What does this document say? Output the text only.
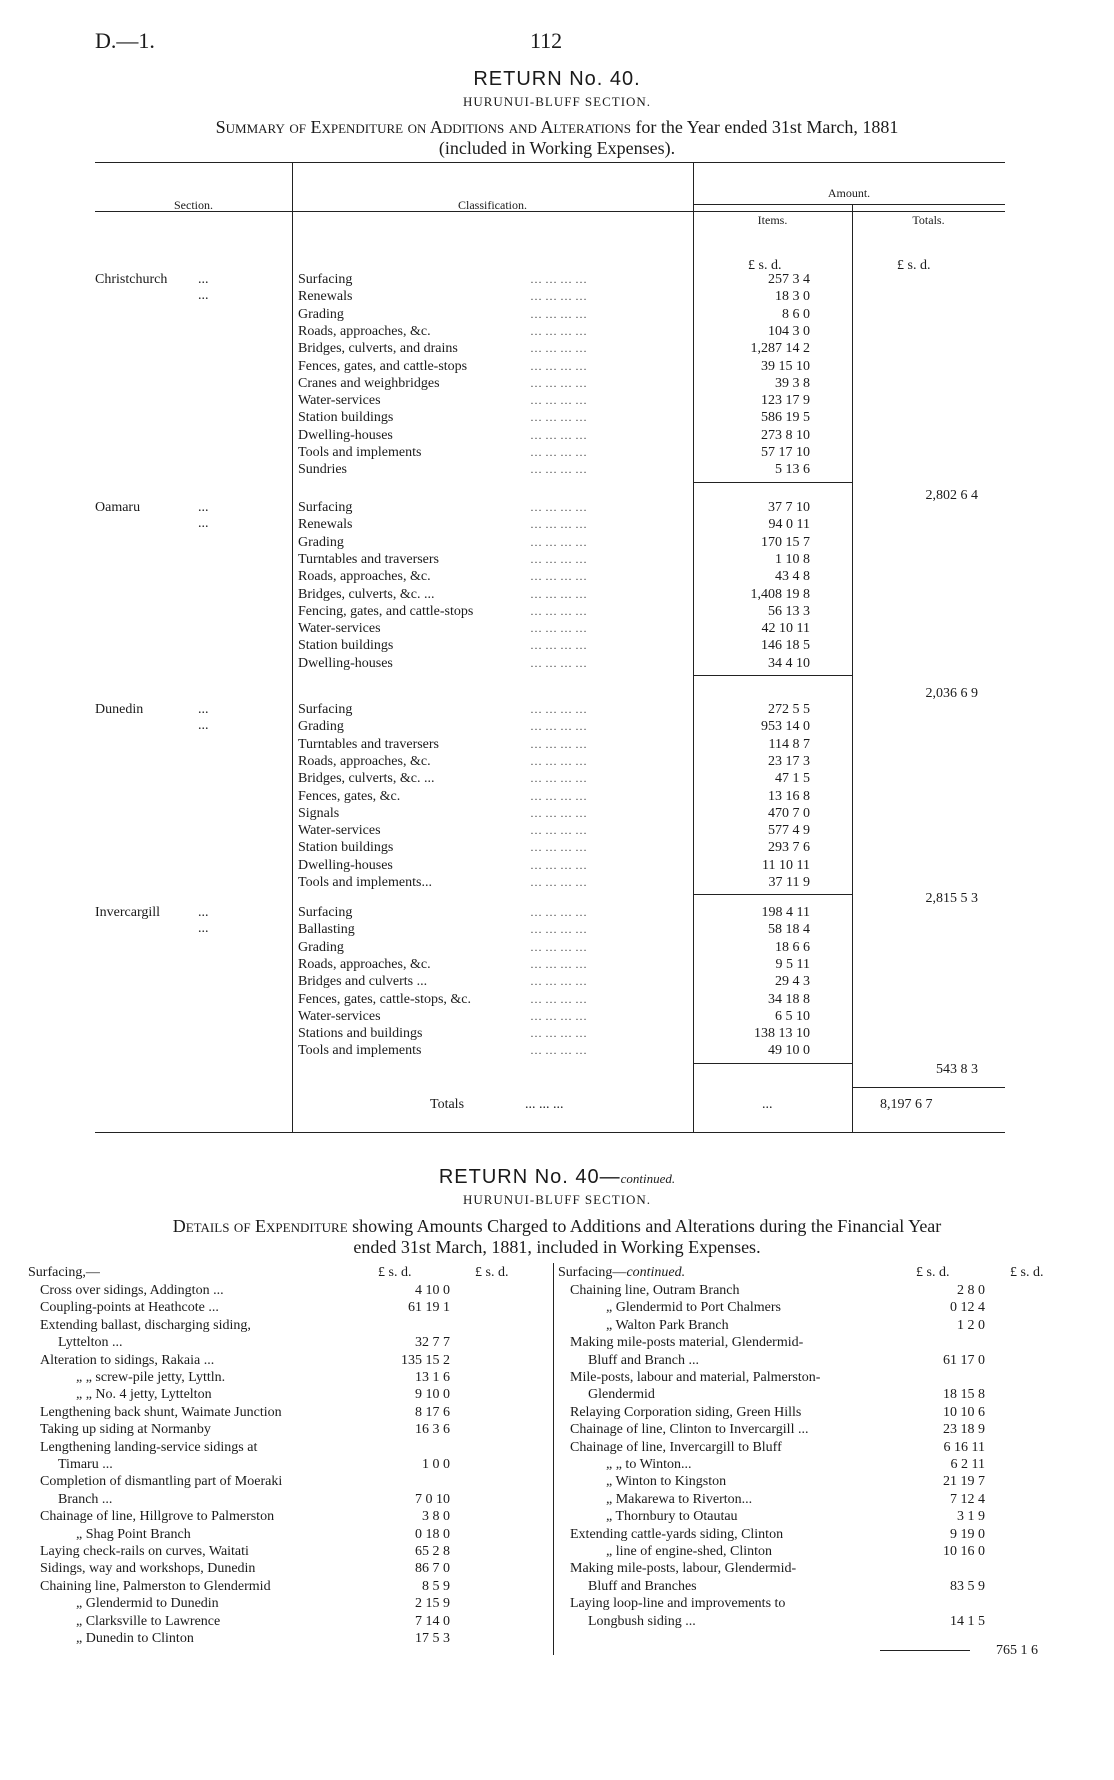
D.—1.	112
RETURN No. 40.
HURUNUI-BLUFF SECTION.
Summary of Expenditure on Additions and Alterations for the Year ended 31st March, 1881
(included in Working Expenses).
Section.	Classification.
Amount.
Items.	Totals.
£ s. d.	£ s. d.
Christchurch ... ...
Surfacing	… … … …	257 3 4
Renewals	… … … …	18 3 0
Grading	… … … …	8 6 0
Roads, approaches, &c.	… … … …	104 3 0
Bridges, culverts, and drains	… … … …	1,287 14 2
Fences, gates, and cattle-stops	… … … …	39 15 10
Cranes and weighbridges	… … … …	39 3 8
Water-services	… … … …	123 17 9
Station buildings	… … … …	586 19 5
Dwelling-houses	… … … …	273 8 10
Tools and implements	… … … …	57 17 10
Sundries	… … … …	5 13 6
2,802 6 4
Oamaru	... ...
Surfacing	… … … …	37 7 10
Renewals	… … … …	94 0 11
Grading	… … … …	170 15 7
Turntables and traversers	… … … …	1 10 8
Roads, approaches, &c.	… … … …	43 4 8
Bridges, culverts, &c. ...	… … … …	1,408 19 8
Fencing, gates, and cattle-stops	… … … …	56 13 3
Water-services	… … … …	42 10 11
Station buildings	… … … …	146 18 5
Dwelling-houses	… … … …	34 4 10
2,036 6 9
Dunedin	... ...
Surfacing	… … … …	272 5 5
Grading	… … … …	953 14 0
Turntables and traversers	… … … …	114 8 7
Roads, approaches, &c.	… … … …	23 17 3
Bridges, culverts, &c. ...	… … … …	47 1 5
Fences, gates, &c.	… … … …	13 16 8
Signals	… … … …	470 7 0
Water-services	… … … …	577 4 9
Station buildings	… … … …	293 7 6
Dwelling-houses	… … … …	11 10 11
Tools and implements...	… … … …	37 11 9
2,815 5 3
Invercargill	... ...
Surfacing	… … … …	198 4 11
Ballasting	… … … …	58 18 4
Grading	… … … …	18 6 6
Roads, approaches, &c.	… … … …	9 5 11
Bridges and culverts ...	… … … …	29 4 3
Fences, gates, cattle-stops, &c.	… … … …	34 18 8
Water-services	… … … …	6 5 10
Stations and buildings	… … … …	138 13 10
Tools and implements	… … … …	49 10 0
543 8 3
Totals	... ... ...	...	8,197 6 7
RETURN No. 40—continued.
HURUNUI-BLUFF SECTION.
Details of Expenditure showing Amounts Charged to Additions and Alterations during the Financial Year
ended 31st March, 1881, included in Working Expenses.
Surfacing,—	£ s. d.	£ s. d.	Surfacing—continued.	£ s. d.	£ s. d.
Cross over sidings, Addington ...	4 10 0
Coupling-points at Heathcote ...	61 19 1
Extending ballast, discharging siding,
Lyttelton ...	32 7 7
Alteration to sidings, Rakaia ...	135 15 2
„ „ screw-pile jetty, Lyttln.	13 1 6
„ „ No. 4 jetty, Lyttelton	9 10 0
Lengthening back shunt, Waimate Junction	8 17 6
Taking up siding at Normanby	16 3 6
Lengthening landing-service sidings at
Timaru ...	1 0 0
Completion of dismantling part of Moeraki
Branch ...	7 0 10
Chainage of line, Hillgrove to Palmerston	3 8 0
„ Shag Point Branch	0 18 0
Laying check-rails on curves, Waitati	65 2 8
Sidings, way and workshops, Dunedin	86 7 0
Chaining line, Palmerston to Glendermid	8 5 9
„ Glendermid to Dunedin	2 15 9
„ Clarksville to Lawrence	7 14 0
„ Dunedin to Clinton	17 5 3
Chaining line, Outram Branch	2 8 0
„ Glendermid to Port Chalmers	0 12 4
„ Walton Park Branch	1 2 0
Making mile-posts material, Glendermid-
Bluff and Branch ...	61 17 0
Mile-posts, labour and material, Palmerston-
Glendermid	18 15 8
Relaying Corporation siding, Green Hills	10 10 6
Chainage of line, Clinton to Invercargill ...	23 18 9
Chainage of line, Invercargill to Bluff	6 16 11
„ „ to Winton...	6 2 11
„ Winton to Kingston	21 19 7
„ Makarewa to Riverton...	7 12 4
„ Thornbury to Otautau	3 1 9
Extending cattle-yards siding, Clinton	9 19 0
„ line of engine-shed, Clinton	10 16 0
Making mile-posts, labour, Glendermid-
Bluff and Branches	83 5 9
Laying loop-line and improvements to
Longbush siding ...	14 1 5
765 1 6
